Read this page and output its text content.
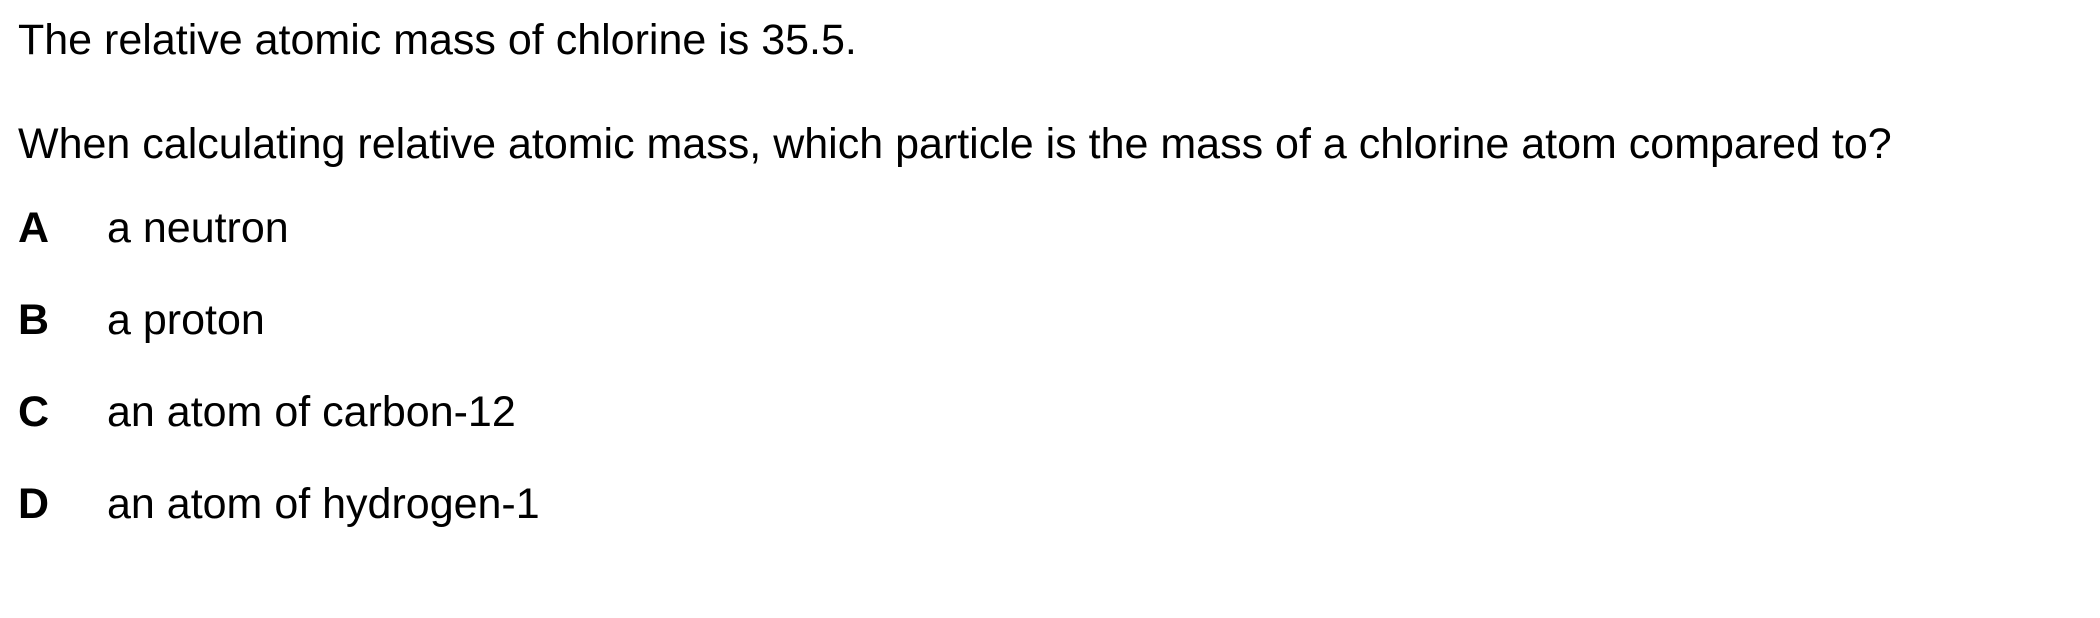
The relative atomic mass of chlorine is 35.5.

When calculating relative atomic mass, which particle is the mass of a chlorine atom compared to?

A	a neutron
B	a proton
C	an atom of carbon-12
D	an atom of hydrogen-1
